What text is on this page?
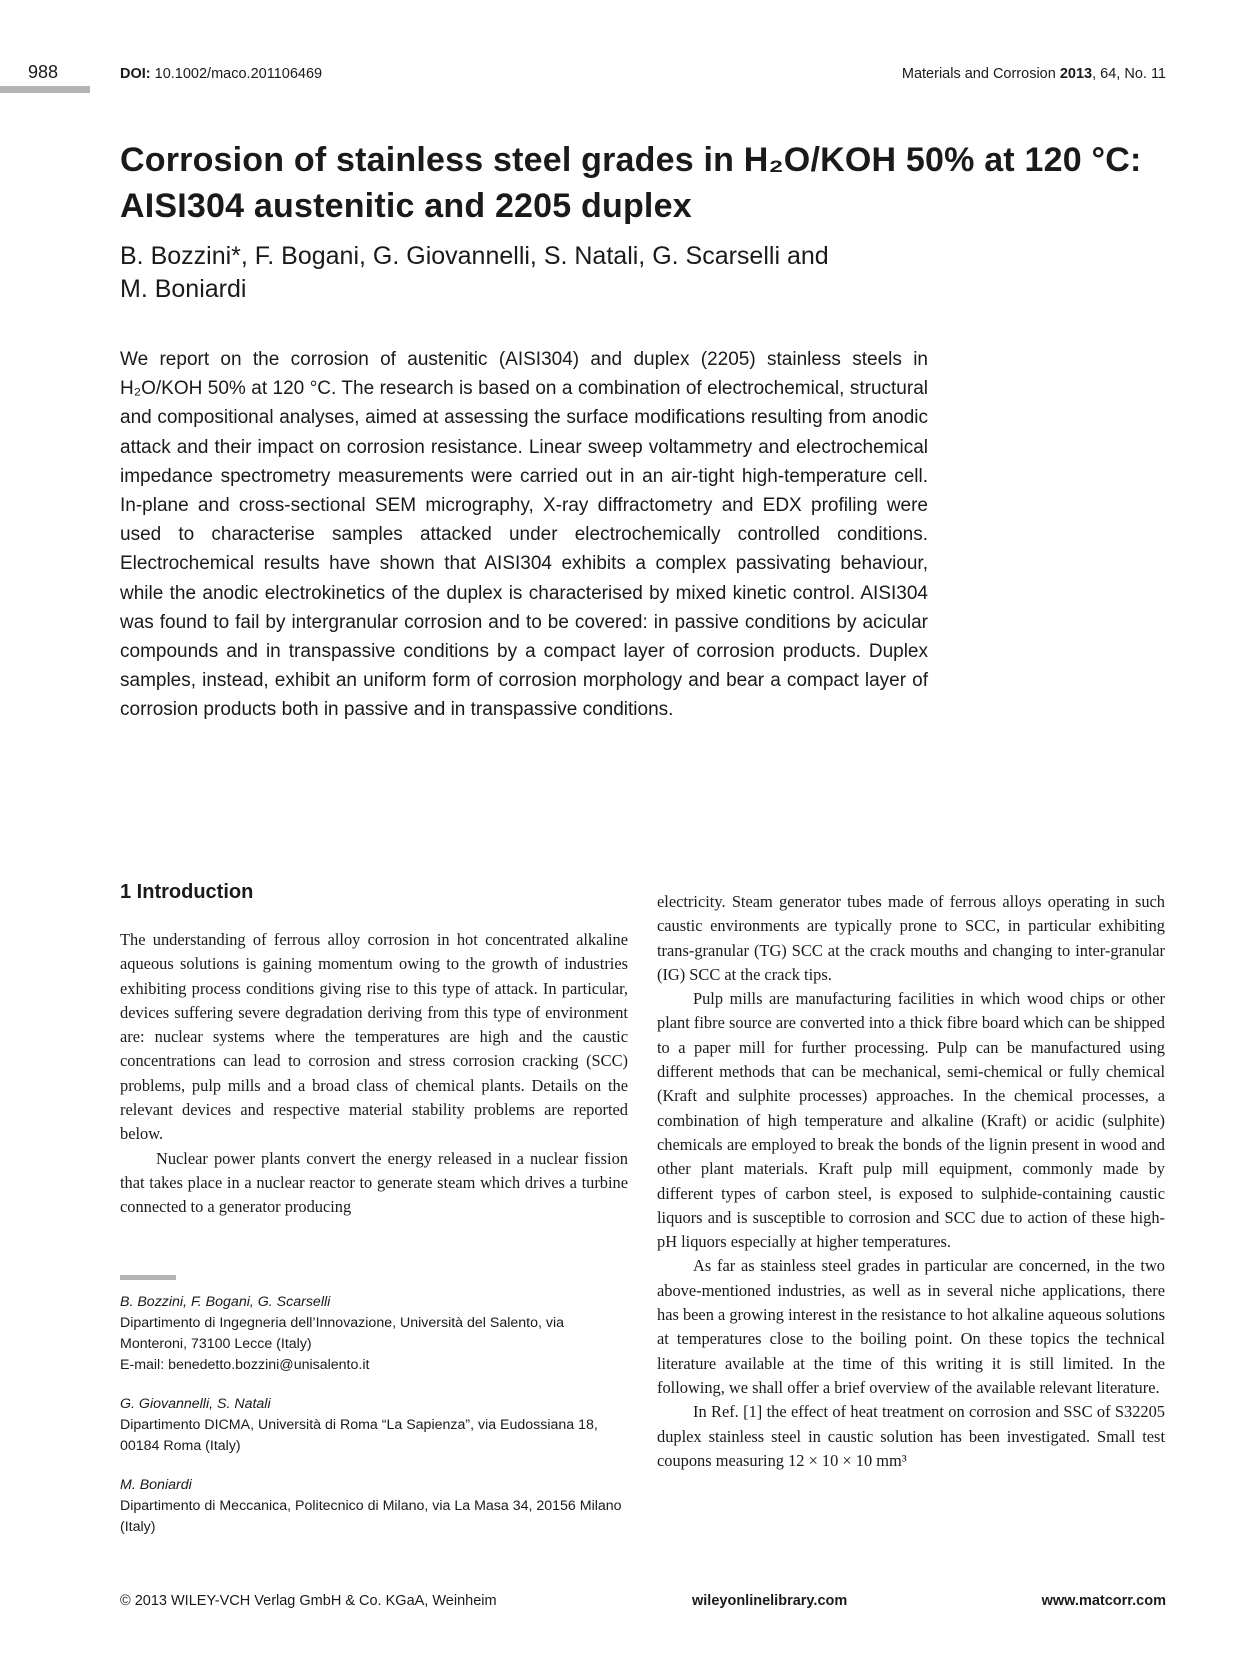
988	DOI: 10.1002/maco.201106469	Materials and Corrosion 2013, 64, No. 11
Corrosion of stainless steel grades in H₂O/KOH 50% at 120 °C:
AISI304 austenitic and 2205 duplex
B. Bozzini*, F. Bogani, G. Giovannelli, S. Natali, G. Scarselli and
M. Boniardi

We report on the corrosion of austenitic (AISI304) and duplex (2205) stainless steels in H₂O/KOH 50% at 120 °C. The research is based on a combination of electrochemical, structural and compositional analyses, aimed at assessing the surface modifications resulting from anodic attack and their impact on corrosion resistance. Linear sweep voltammetry and electrochemical impedance spectrometry measurements were carried out in an air-tight high-temperature cell. In-plane and cross-sectional SEM micrography, X-ray diffractometry and EDX profiling were used to characterise samples attacked under electrochemically controlled conditions. Electrochemical results have shown that AISI304 exhibits a complex passivating behaviour, while the anodic electrokinetics of the duplex is characterised by mixed kinetic control. AISI304 was found to fail by intergranular corrosion and to be covered: in passive conditions by acicular compounds and in transpassive conditions by a compact layer of corrosion products. Duplex samples, instead, exhibit an uniform form of corrosion morphology and bear a compact layer of corrosion products both in passive and in transpassive conditions.

1 Introduction

The understanding of ferrous alloy corrosion in hot concentrated alkaline aqueous solutions is gaining momentum owing to the growth of industries exhibiting process conditions giving rise to this type of attack. In particular, devices suffering severe degradation deriving from this type of environment are: nuclear systems where the temperatures are high and the caustic concentrations can lead to corrosion and stress corrosion cracking (SCC) problems, pulp mills and a broad class of chemical plants. Details on the relevant devices and respective material stability problems are reported below.

Nuclear power plants convert the energy released in a nuclear fission that takes place in a nuclear reactor to generate steam which drives a turbine connected to a generator producing

B. Bozzini, F. Bogani, G. Scarselli
Dipartimento di Ingegneria dell’Innovazione, Università del Salento, via Monteroni, 73100 Lecce (Italy)
E-mail: benedetto.bozzini@unisalento.it
G. Giovannelli, S. Natali
Dipartimento DICMA, Università di Roma “La Sapienza”, via Eudossiana 18, 00184 Roma (Italy)
M. Boniardi
Dipartimento di Meccanica, Politecnico di Milano, via La Masa 34, 20156 Milano (Italy)

electricity. Steam generator tubes made of ferrous alloys operating in such caustic environments are typically prone to SCC, in particular exhibiting trans-granular (TG) SCC at the crack mouths and changing to inter-granular (IG) SCC at the crack tips.

Pulp mills are manufacturing facilities in which wood chips or other plant fibre source are converted into a thick fibre board which can be shipped to a paper mill for further processing. Pulp can be manufactured using different methods that can be mechanical, semi-chemical or fully chemical (Kraft and sulphite processes) approaches. In the chemical processes, a combination of high temperature and alkaline (Kraft) or acidic (sulphite) chemicals are employed to break the bonds of the lignin present in wood and other plant materials. Kraft pulp mill equipment, commonly made by different types of carbon steel, is exposed to sulphide-containing caustic liquors and is susceptible to corrosion and SCC due to action of these high-pH liquors especially at higher temperatures.

As far as stainless steel grades in particular are concerned, in the two above-mentioned industries, as well as in several niche applications, there has been a growing interest in the resistance to hot alkaline aqueous solutions at temperatures close to the boiling point. On these topics the technical literature available at the time of this writing it is still limited. In the following, we shall offer a brief overview of the available relevant literature.

In Ref. [1] the effect of heat treatment on corrosion and SSC of S32205 duplex stainless steel in caustic solution has been investigated. Small test coupons measuring 12 × 10 × 10 mm³

© 2013 WILEY-VCH Verlag GmbH & Co. KGaA, Weinheim	wileyonlinelibrary.com	www.matcorr.com
